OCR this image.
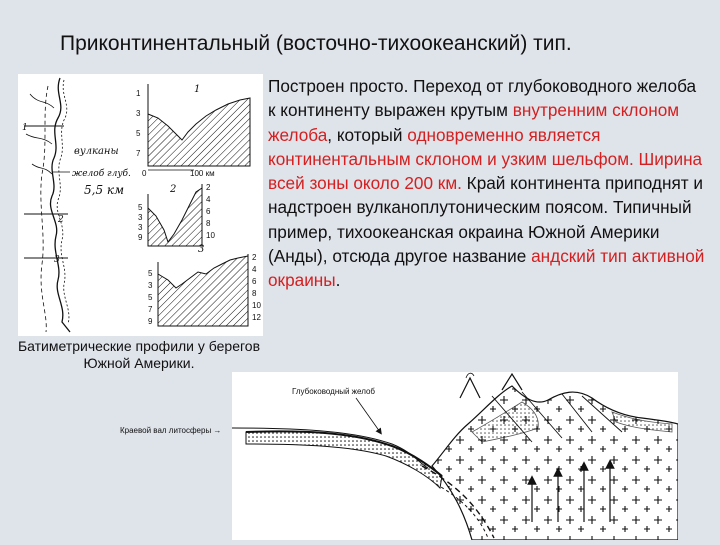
Приконтинентальный (восточно-тихоокеанский) тип.
вулканы
желоб глуб.
5,5 км
1
2
3
1
1
3
5
7
0	100 км
2
5
3
3
9
2
4
6
8
10
3
5
3
5
7
9
2
4
6
8
10
12
Батиметрические профили у берегов Южной Америки.
Построен просто. Переход от глубоководного желоба к континенту выражен крутым внутренним склоном желоба, который одновременно является континентальным склоном и узким шельфом. Ширина всей зоны около 200 км. Край континента приподнят и надстроен вулканоплутоническим поясом. Типичный пример, тихоокеанская окраина Южной Америки (Анды), отсюда другое название андский тип активной окраины.
Глубоководный желоб
Краевой вал литосферы →
